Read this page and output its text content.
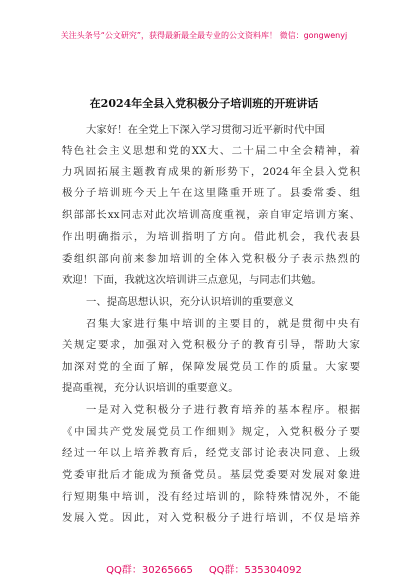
关注头条号“公文研究”，获得最新最全最专业的公文资料库！ 微信：gongwenyj
在2024年全县入党积极分子培训班的开班讲话
大家好！在全党上下深入学习贯彻习近平新时代中国
特色社会主义思想和党的XX大、二十届二中全会精神，着
力巩固拓展主题教育成果的新形势下，2024年全县入党积
极分子培训班今天上午在这里隆重开班了。县委常委、组
织部部长xx同志对此次培训高度重视，亲自审定培训方案、
作出明确指示，为培训指明了方向。借此机会，我代表县
委组织部向前来参加培训的全体入党积极分子表示热烈的
欢迎！下面，我就这次培训讲三点意见，与同志们共勉。
一、提高思想认识，充分认识培训的重要意义
召集大家进行集中培训的主要目的，就是贯彻中央有
关规定要求，加强对入党积极分子的教育引导，帮助大家
加深对党的全面了解，保障发展党员工作的质量。大家要
提高重视，充分认识培训的重要意义。
一是对入党积极分子进行教育培养的基本程序。根据
《中国共产党发展党员工作细则》规定，入党积极分子要
经过一年以上培养教育后，经党支部讨论表决同意、上级
党委审批后才能成为预备党员。基层党委要对发展对象进
行短期集中培训，没有经过培训的，除特殊情况外，不能
发展入党。因此，对入党积极分子进行培训，不仅是培养
QQ群：30265665 QQ群：535304092
